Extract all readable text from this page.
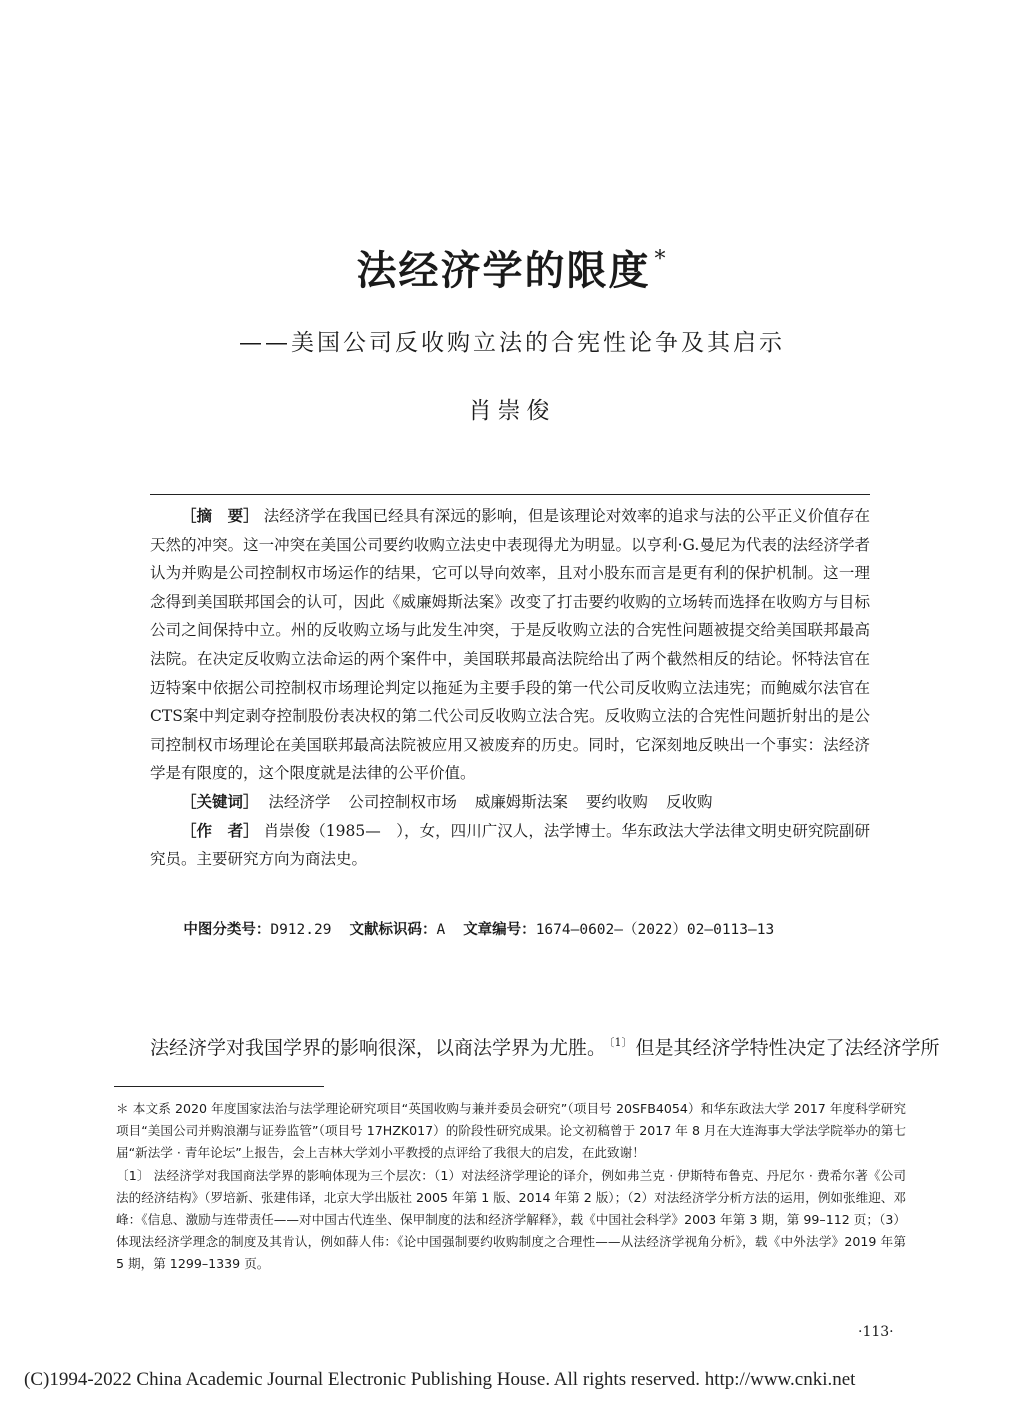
法经济学的限度 *
——美国公司反收购立法的合宪性论争及其启示
肖崇俊

［摘　要］ 法经济学在我国已经具有深远的影响，但是该理论对效率的追求与法的公平正义价值存在天然的冲突。这一冲突在美国公司要约收购立法史中表现得尤为明显。以亨利·G.曼尼为代表的法经济学者认为并购是公司控制权市场运作的结果，它可以导向效率，且对小股东而言是更有利的保护机制。这一理念得到美国联邦国会的认可，因此《威廉姆斯法案》改变了打击要约收购的立场转而选择在收购方与目标公司之间保持中立。州的反收购立场与此发生冲突，于是反收购立法的合宪性问题被提交给美国联邦最高法院。在决定反收购立法命运的两个案件中，美国联邦最高法院给出了两个截然相反的结论。怀特法官在迈特案中依据公司控制权市场理论判定以拖延为主要手段的第一代公司反收购立法违宪；而鲍威尔法官在CTS案中判定剥夺控制股份表决权的第二代公司反收购立法合宪。反收购立法的合宪性问题折射出的是公司控制权市场理论在美国联邦最高法院被应用又被废弃的历史。同时，它深刻地反映出一个事实：法经济学是有限度的，这个限度就是法律的公平价值。

［关键词］ 法经济学 公司控制权市场 威廉姆斯法案 要约收购 反收购

［作　者］ 肖崇俊（1985—　），女，四川广汉人，法学博士。华东政法大学法律文明史研究院副研究员。主要研究方向为商法史。

中图分类号：D912.29 文献标识码：A 文章编号：1674—0602—（2022）02—0113—13
法经济学对我国学界的影响很深，以商法学界为尤胜。 $^{〔1〕}$ 但是其经济学特性决定了法经济学所

＊ 本文系 2020 年度国家法治与法学理论研究项目“英国收购与兼并委员会研究”（项目号 20SFB4054）和华东政法大学 2017 年度科学研究项目“美国公司并购浪潮与证券监管”（项目号 17HZK017）的阶段性研究成果。论文初稿曾于 2017 年 8 月在大连海事大学法学院举办的第七届“新法学 · 青年论坛”上报告，会上吉林大学刘小平教授的点评给了我很大的启发，在此致谢！

〔1〕 法经济学对我国商法学界的影响体现为三个层次：（1）对法经济学理论的译介，例如弗兰克 · 伊斯特布鲁克、丹尼尔 · 费希尔著《公司法的经济结构》（罗培新、张建伟译，北京大学出版社 2005 年第 1 版、2014 年第 2 版）；（2）对法经济学分析方法的运用，例如张维迎、邓峰：《信息、激励与连带责任——对中国古代连坐、保甲制度的法和经济学解释》，载《中国社会科学》2003 年第 3 期，第 99–112 页；（3）体现法经济学理念的制度及其肯认，例如薛人伟：《论中国强制要约收购制度之合理性——从法经济学视角分析》，载《中外法学》2019 年第 5 期，第 1299–1339 页。

·113·
(C)1994-2022 China Academic Journal Electronic Publishing House. All rights reserved. http://www.cnki.net
